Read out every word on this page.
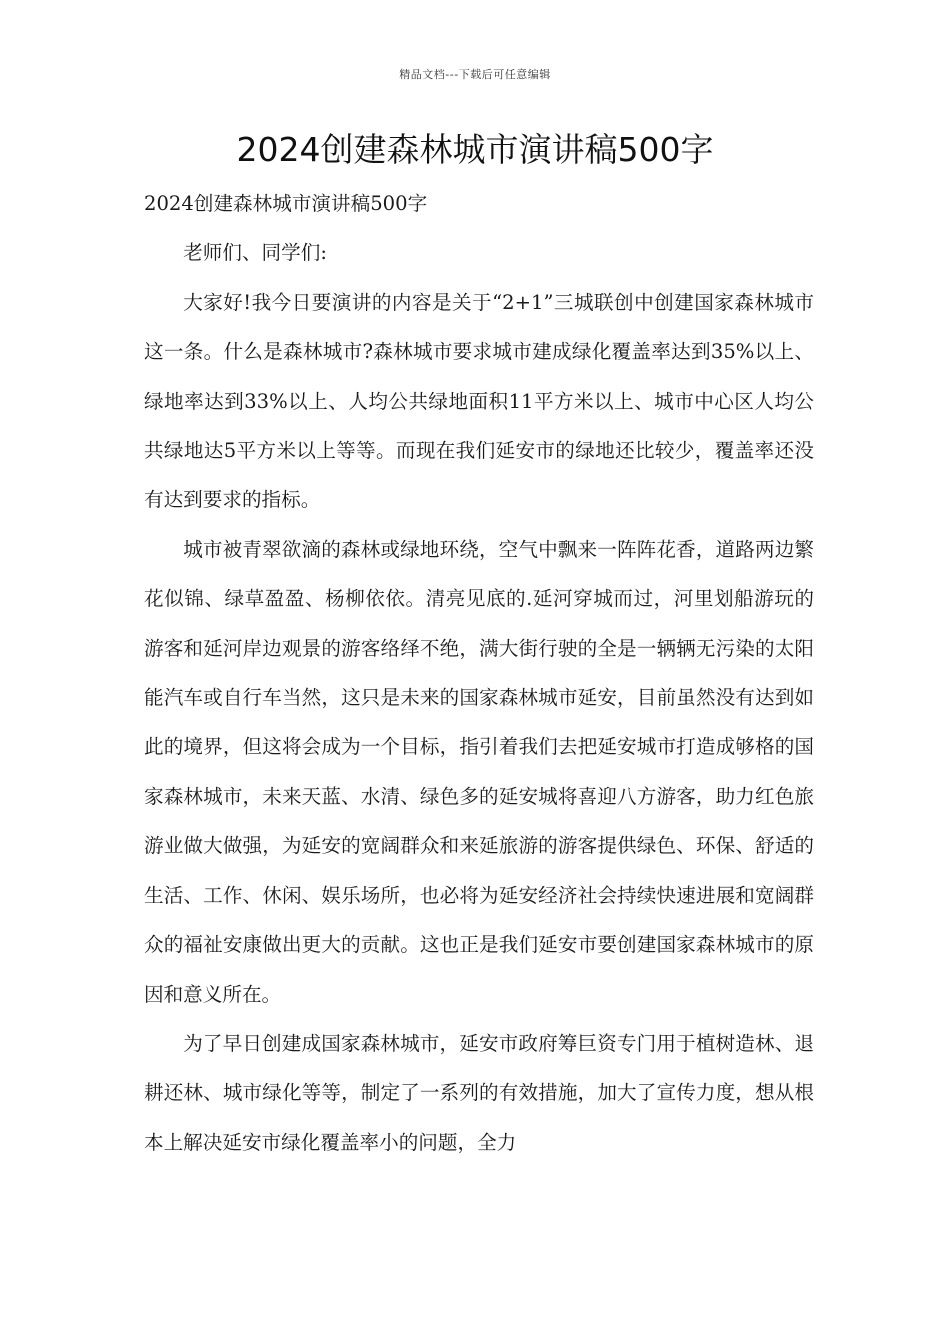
精品文档---下载后可任意编辑
2024创建森林城市演讲稿500字

2024创建森林城市演讲稿500字

老师们、同学们:

大家好!我今日要演讲的内容是关于“2+1”三城联创中创建国家森林城市这一条。什么是森林城市?森林城市要求城市建成绿化覆盖率达到35%以上、绿地率达到33%以上、人均公共绿地面积11平方米以上、城市中心区人均公共绿地达5平方米以上等等。而现在我们延安市的绿地还比较少，覆盖率还没有达到要求的指标。

城市被青翠欲滴的森林或绿地环绕，空气中飘来一阵阵花香，道路两边繁花似锦、绿草盈盈、杨柳依依。清亮见底的.延河穿城而过，河里划船游玩的游客和延河岸边观景的游客络绎不绝，满大街行驶的全是一辆辆无污染的太阳能汽车或自行车当然，这只是未来的国家森林城市延安，目前虽然没有达到如此的境界，但这将会成为一个目标，指引着我们去把延安城市打造成够格的国家森林城市，未来天蓝、水清、绿色多的延安城将喜迎八方游客，助力红色旅游业做大做强，为延安的宽阔群众和来延旅游的游客提供绿色、环保、舒适的生活、工作、休闲、娱乐场所，也必将为延安经济社会持续快速进展和宽阔群众的福祉安康做出更大的贡献。这也正是我们延安市要创建国家森林城市的原因和意义所在。

为了早日创建成国家森林城市，延安市政府筹巨资专门用于植树造林、退耕还林、城市绿化等等，制定了一系列的有效措施，加大了宣传力度，想从根本上解决延安市绿化覆盖率小的问题，全力
